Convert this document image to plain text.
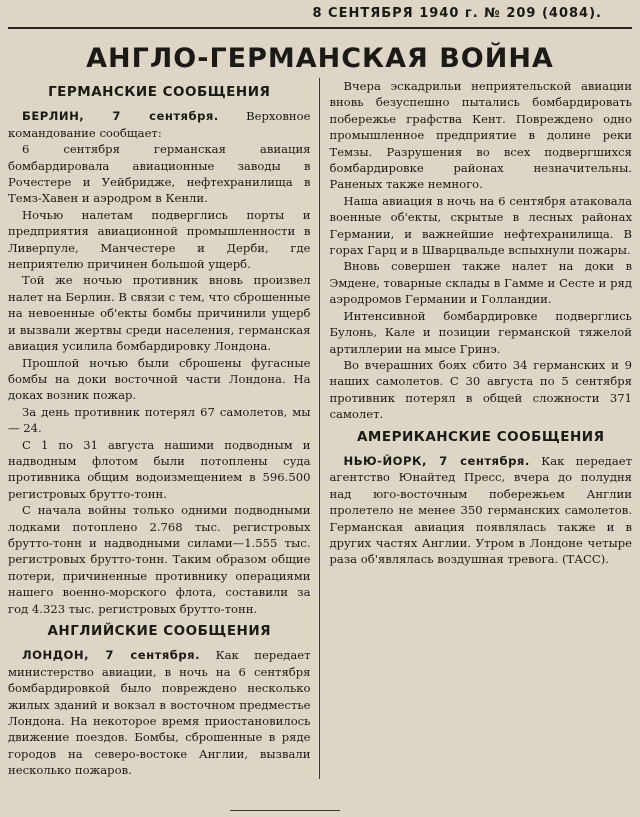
8 СЕНТЯБРЯ 1940 г. № 209 (4084).
АНГЛО-ГЕРМАНСКАЯ ВОЙНА
ГЕРМАНСКИЕ СООБЩЕНИЯ

БЕРЛИН, 7 сентября. Верховное командование сообщает:

6 сентября германская авиация бомбардировала авиационные заводы в Рочестере и Уейбридже, нефтехранилища в Темз-Хавен и аэродром в Кенли.

Ночью налетам подверглись порты и предприятия авиационной промышленности в Ливерпуле, Манчестере и Дерби, где неприятелю причинен большой ущерб.

Той же ночью противник вновь произвел налет на Берлин. В связи с тем, что сброшенные на невоенные об'екты бомбы причинили ущерб и вызвали жертвы среди населения, германская авиация усилила бомбардировку Лондона.

Прошлой ночью были сброшены фугасные бомбы на доки восточной части Лондона. На доках возник пожар.

За день противник потерял 67 самолетов, мы — 24.

С 1 по 31 августа нашими подводным и надводным флотом были потоплены суда противника общим водоизмещением в 596.500 регистровых брутто-тонн.

С начала войны только одними подводными лодками потоплено 2.768 тыс. регистровых брутто-тонн и надводными силами—1.555 тыс. регистровых брутто-тонн. Таким образом общие потери, причиненные противнику операциями нашего военно-морского флота, составили за год 4.323 тыс. регистровых брутто-тонн.

АНГЛИЙСКИЕ СООБЩЕНИЯ

ЛОНДОН, 7 сентября. Как передает министерство авиации, в ночь на 6 сентября бомбардировкой было повреждено несколько жилых зданий и вокзал в восточном предместье Лондона. На некоторое время приостановилось движение поездов. Бомбы, сброшенные в ряде городов на северо-востоке Англии, вызвали несколько пожаров.

Вчера эскадрильи неприятельской авиации вновь безуспешно пытались бомбардировать побережье графства Кент. Повреждено одно промышленное предприятие в долине реки Темзы. Разрушения во всех подвергшихся бомбардировке районах незначительны. Раненых также немного.

Наша авиация в ночь на 6 сентября атаковала военные об'екты, скрытые в лесных районах Германии, и важнейшие нефтехранилища. В горах Гарц и в Шварцвальде вспыхнули пожары.

Вновь совершен также налет на доки в Эмдене, товарные склады в Гамме и Сесте и ряд аэродромов Германии и Голландии.

Интенсивной бомбардировке подверглись Булонь, Кале и позиции германской тяжелой артиллерии на мысе Гринэ.

Во вчерашних боях сбито 34 германских и 9 наших самолетов. С 30 августа по 5 сентября противник потерял в общей сложности 371 самолет.

АМЕРИКАНСКИЕ СООБЩЕНИЯ

НЬЮ-ЙОРК, 7 сентября. Как передает агентство Юнайтед Пресс, вчера до полудня над юго-восточным побережьем Англии пролетело не менее 350 германских самолетов. Германская авиация появлялась также и в других частях Англии. Утром в Лондоне четыре раза об'являлась воздушная тревога. (ТАСС).
